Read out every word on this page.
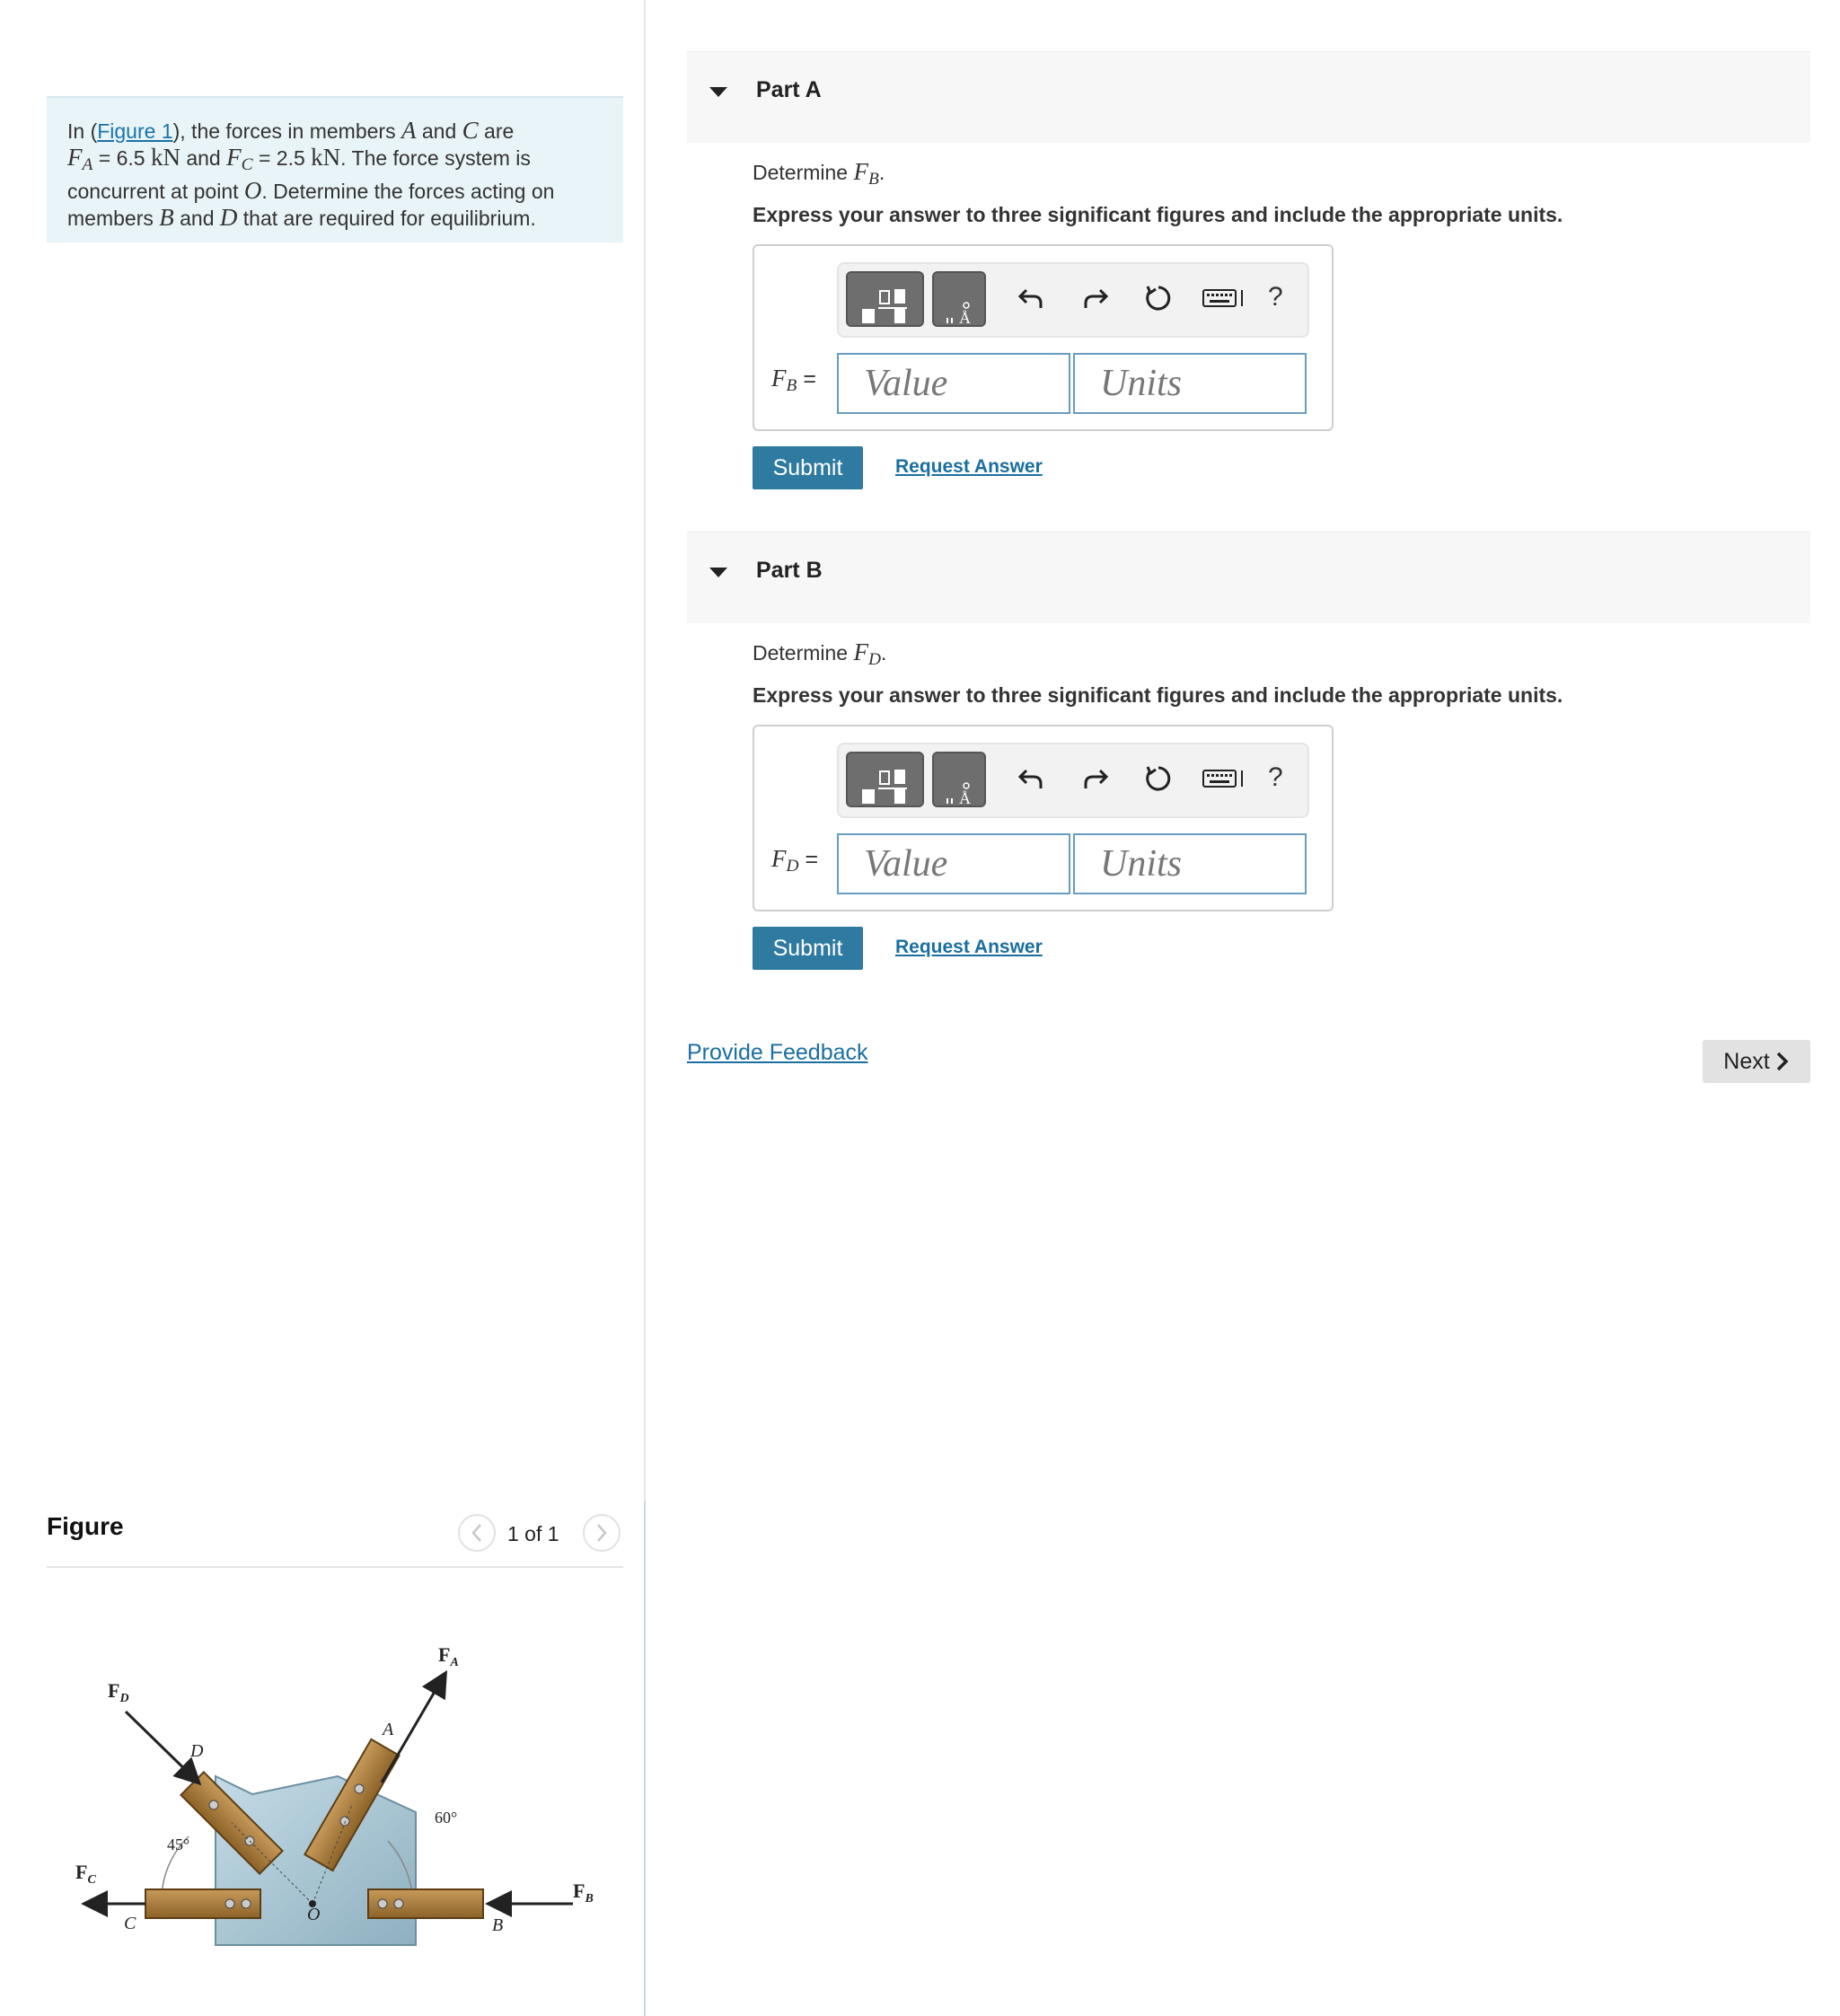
In (Figure 1), the forces in members A and C are
$F_A = 6.5$ kN and $F_C = 2.5$ kN. The force system is concurrent at point O. Determine the forces acting on members B and D that are required for equilibrium.
Figure	1 of 1
$F_D$
$F_A$
$F_C$	$F_B$
D
A
C	O
B
45°
60°
Part A
Determine $F_B$.
Express your answer to three significant figures and include the appropriate units.
Å
?
$F_B$ =
Value
Units
Submit	Request Answer
Part B
Determine $F_D$.
Express your answer to three significant figures and include the appropriate units.
Å
?
$F_D$ =
Value
Units
Submit	Request Answer
Provide Feedback	Next
